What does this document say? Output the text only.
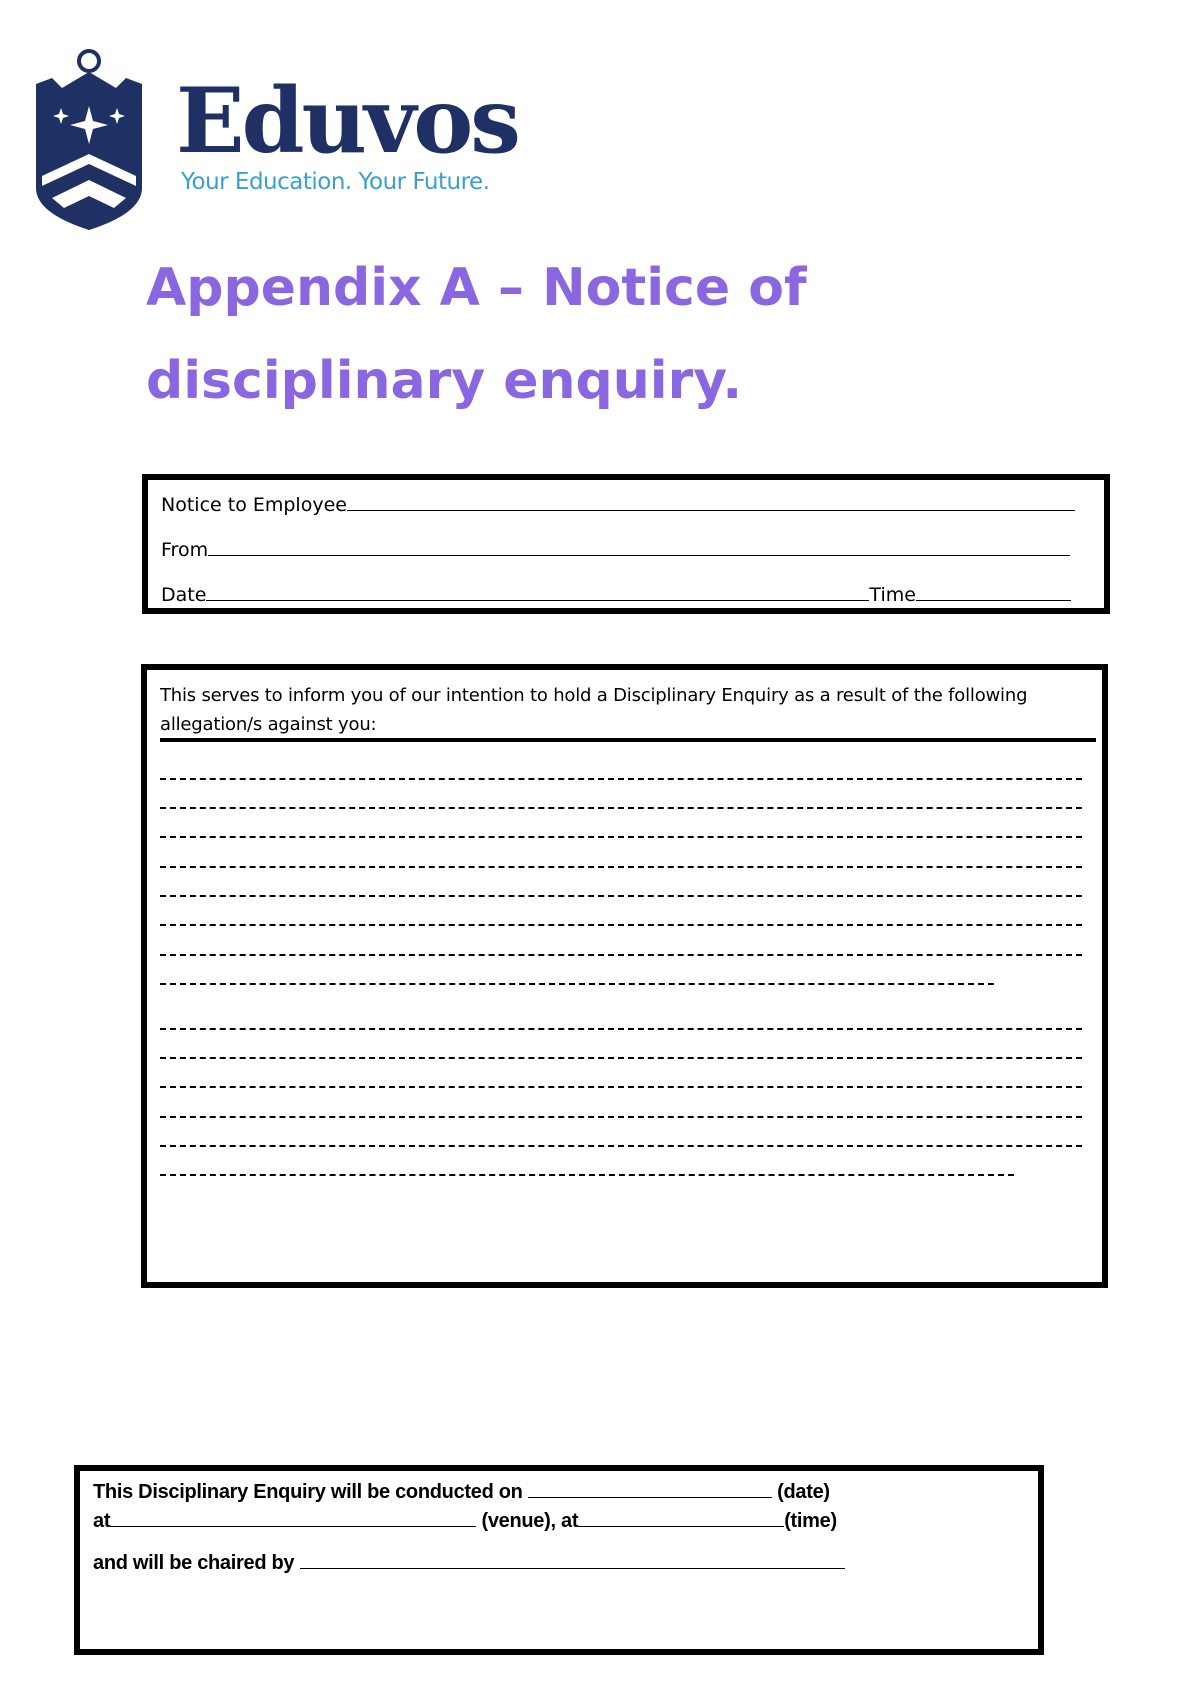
Eduvos
Your Education. Your Future.
Appendix A – Notice of
disciplinary enquiry.
Notice to Employee
From
Date	Time
This serves to inform you of our intention to hold a Disciplinary Enquiry as a result of the following
allegation/s against you:
This Disciplinary Enquiry will be conducted on	(date)
at	(venue), at	(time)
and will be chaired by
